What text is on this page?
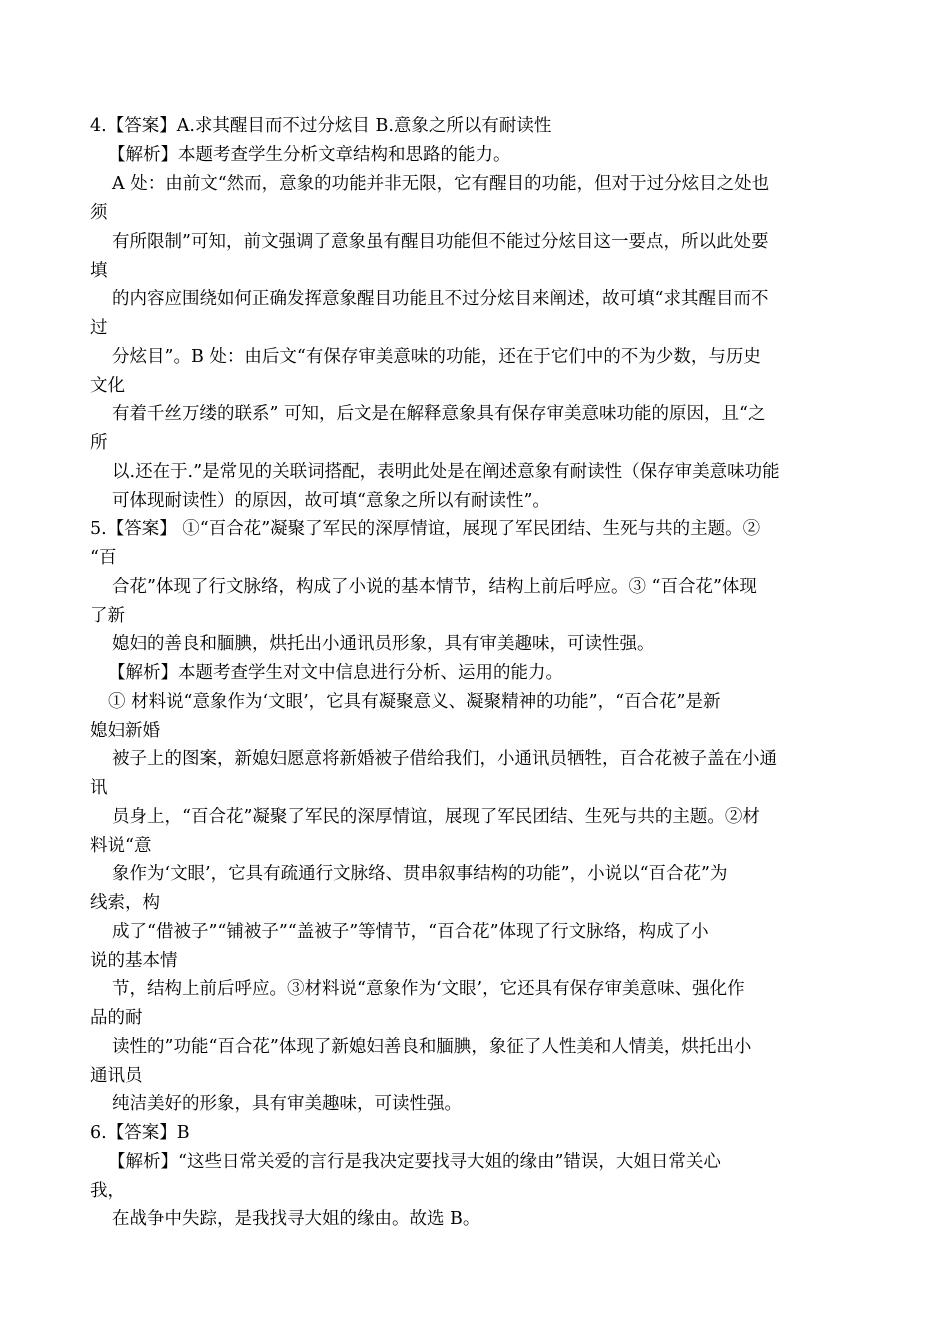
4.【答案】A.求其醒目而不过分炫目 B.意象之所以有耐读性
【解析】本题考查学生分析文章结构和思路的能力。
A 处：由前文“然而，意象的功能并非无限，它有醒目的功能，但对于过分炫目之处也
须
有所限制”可知，前文强调了意象虽有醒目功能但不能过分炫目这一要点，所以此处要
填
的内容应围绕如何正确发挥意象醒目功能且不过分炫目来阐述，故可填“求其醒目而不
过
分炫目”。B 处：由后文“有保存审美意味的功能，还在于它们中的不为少数，与历史
文化
有着千丝万缕的联系” 可知，后文是在解释意象具有保存审美意味功能的原因，且“之
所
以.还在于.”是常见的关联词搭配，表明此处是在阐述意象有耐读性（保存审美意味功能
可体现耐读性）的原因，故可填“意象之所以有耐读性”。
5.【答案】 ①“百合花”凝聚了军民的深厚情谊，展现了军民团结、生死与共的主题。②
“百
合花”体现了行文脉络，构成了小说的基本情节，结构上前后呼应。③ “百合花”体现
了新
媳妇的善良和腼腆，烘托出小通讯员形象，具有审美趣味，可读性强。
【解析】本题考查学生对文中信息进行分析、运用的能力。
① 材料说“意象作为‘文眼’，它具有凝聚意义、凝聚精神的功能”，“百合花”是新
媳妇新婚
被子上的图案，新媳妇愿意将新婚被子借给我们，小通讯员牺牲，百合花被子盖在小通
讯
员身上，“百合花”凝聚了军民的深厚情谊，展现了军民团结、生死与共的主题。②材
料说“意
象作为‘文眼’，它具有疏通行文脉络、贯串叙事结构的功能”，小说以“百合花”为
线索，构
成了“借被子”“铺被子”“盖被子”等情节，“百合花”体现了行文脉络，构成了小
说的基本情
节，结构上前后呼应。③材料说“意象作为‘文眼’，它还具有保存审美意味、强化作
品的耐
读性的”功能“百合花”体现了新媳妇善良和腼腆，象征了人性美和人情美，烘托出小
通讯员
纯洁美好的形象，具有审美趣味，可读性强。
6.【答案】B
【解析】“这些日常关爱的言行是我决定要找寻大姐的缘由”错误，大姐日常关心
我，
在战争中失踪，是我找寻大姐的缘由。故选 B。
